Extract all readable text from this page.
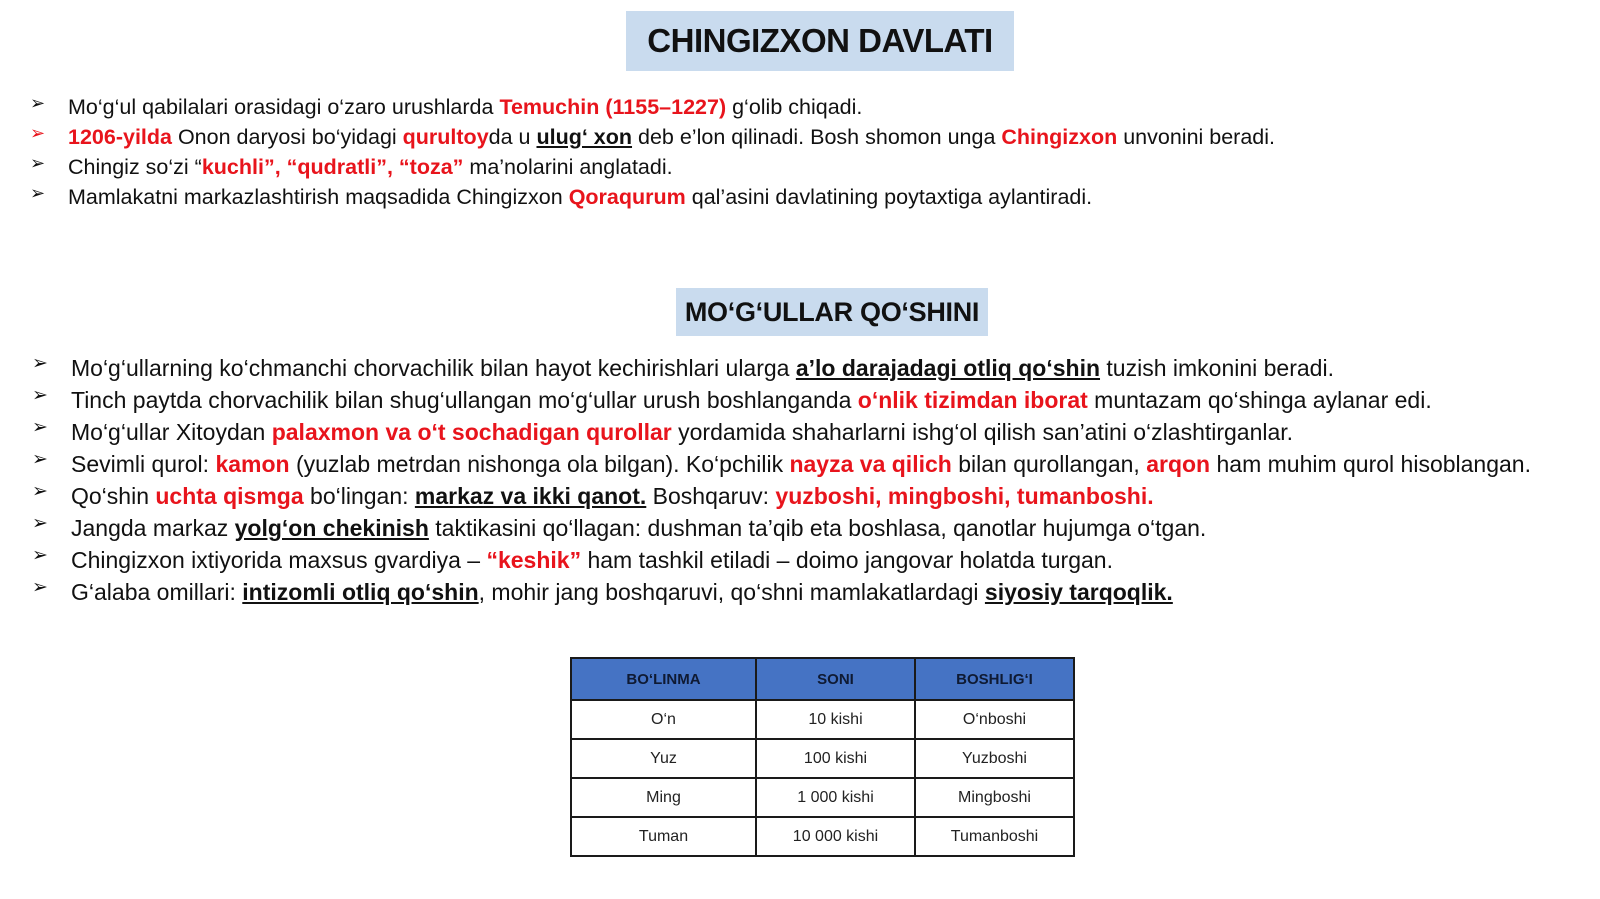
CHINGIZXON DAVLATI
➢	Mo‘g‘ul qabilalari orasidagi o‘zaro urushlarda Temuchin (1155–1227) g‘olib chiqadi.
➢	1206-yilda Onon daryosi bo‘yidagi qurultoyda u ulug‘ xon deb e’lon qilinadi. Bosh shomon unga Chingizxon unvonini beradi.
➢	Chingiz so‘zi “kuchli”, “qudratli”, “toza” ma’nolarini anglatadi.
➢	Mamlakatni markazlashtirish maqsadida Chingizxon Qoraqurum qal’asini davlatining poytaxtiga aylantiradi.
MO‘G‘ULLAR QO‘SHINI
➢	Mo‘g‘ullarning ko‘chmanchi chorvachilik bilan hayot kechirishlari ularga a’lo darajadagi otliq qo‘shin tuzish imkonini beradi.
➢	Tinch paytda chorvachilik bilan shug‘ullangan mo‘g‘ullar urush boshlanganda o‘nlik tizimdan iborat muntazam qo‘shinga aylanar edi.
➢	Mo‘g‘ullar Xitoydan palaxmon va o‘t sochadigan qurollar yordamida shaharlarni ishg‘ol qilish san’atini o‘zlashtirganlar.
➢	Sevimli qurol: kamon (yuzlab metrdan nishonga ola bilgan). Ko‘pchilik nayza va qilich bilan qurollangan, arqon ham muhim qurol hisoblangan.
➢	Qo‘shin uchta qismga bo‘lingan: markaz va ikki qanot. Boshqaruv: yuzboshi, mingboshi, tumanboshi.
➢	Jangda markaz yolg‘on chekinish taktikasini qo‘llagan: dushman ta’qib eta boshlasa, qanotlar hujumga o‘tgan.
➢	Chingizxon ixtiyorida maxsus gvardiya – “keshik” ham tashkil etiladi – doimo jangovar holatda turgan.
➢	G‘alaba omillari: intizomli otliq qo‘shin, mohir jang boshqaruvi, qo‘shni mamlakatlardagi siyosiy tarqoqlik.
BO‘LINMA	SONI	BOSHLIG‘I
O‘n	10 kishi	O‘nboshi
Yuz	100 kishi	Yuzboshi
Ming	1 000 kishi	Mingboshi
Tuman	10 000 kishi	Tumanboshi
